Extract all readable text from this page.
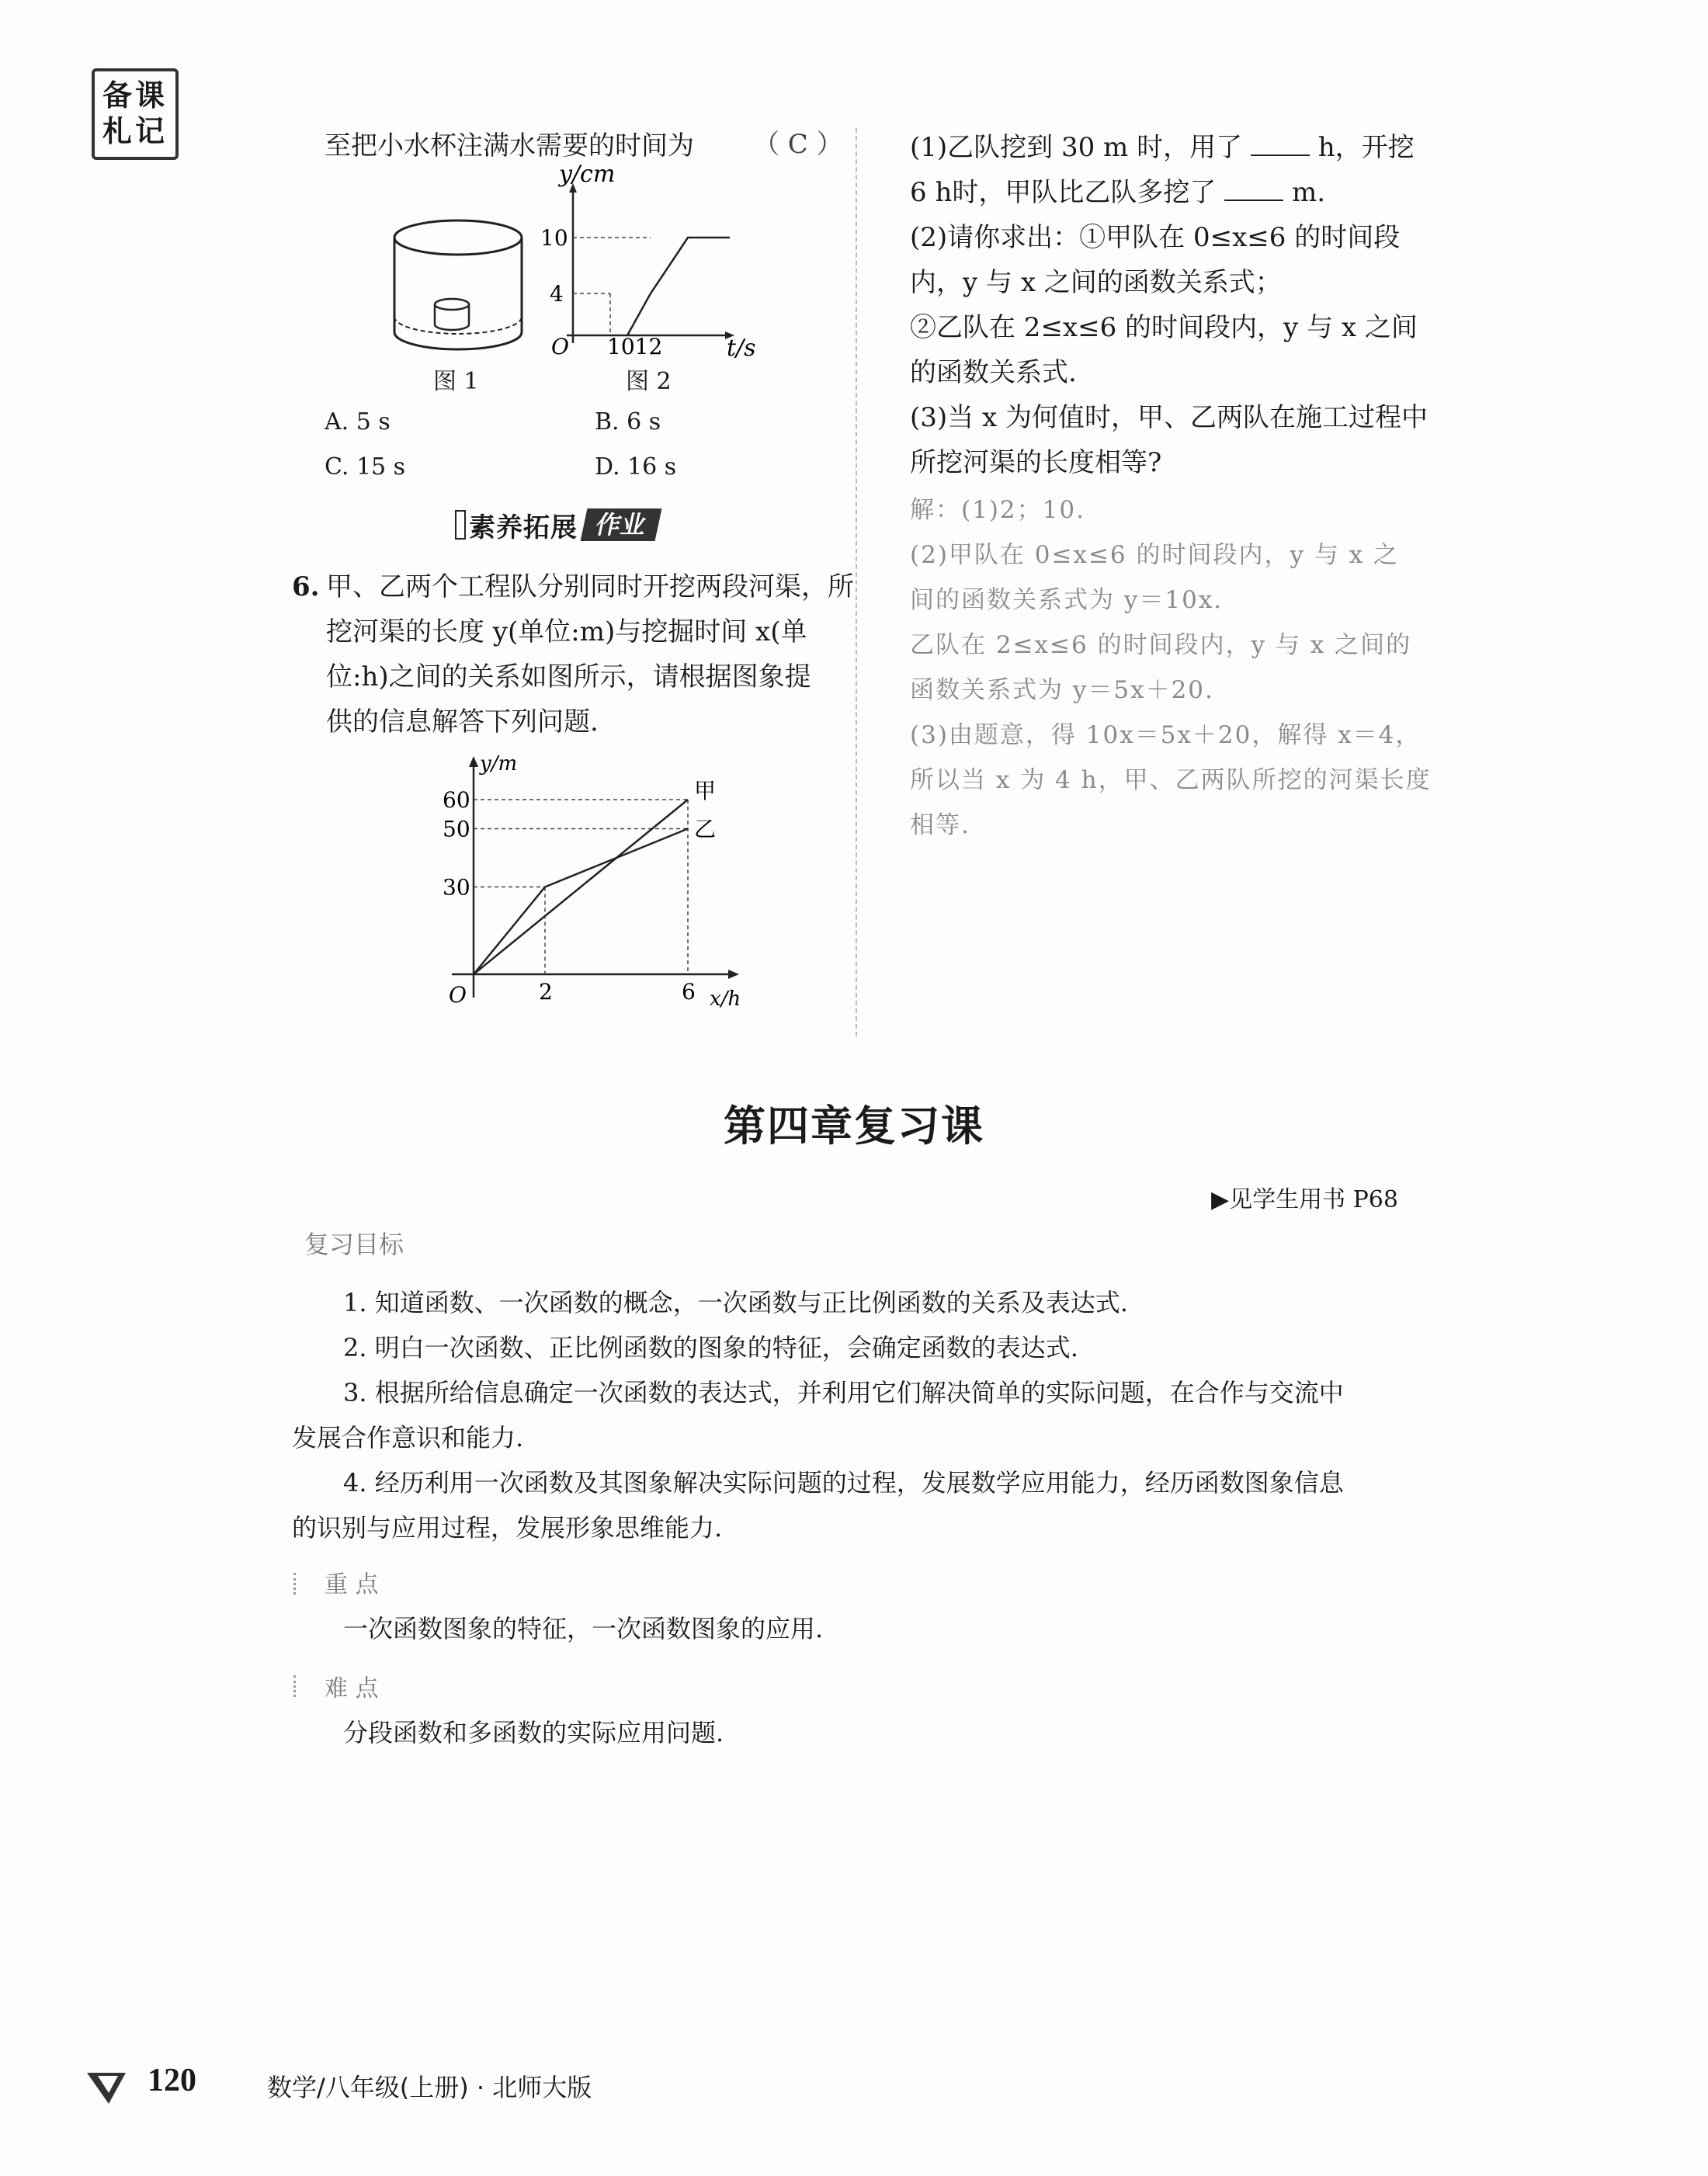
备课
札记	至把小水杯注满水需要的时间为 （ C ）
图 1
y/cm
10
4
O 1012	t/s
图 2
A. 5 s	B. 6 s
C. 15 s	D. 16 s
素养拓展 作业
6. 甲、乙两个工程队分别同时开挖两段河渠，所
挖河渠的长度 y(单位:m)与挖掘时间 x(单
位:h)之间的关系如图所示，请根据图象提
供的信息解答下列问题.
甲
乙
30
50
60
2	6
O
y/m
x/h
(1)乙队挖到 30 m 时，用了	h，开挖
6 h时，甲队比乙队多挖了	m.
(2)请你求出：①甲队在 0≤x≤6 的时间段
内，y 与 x 之间的函数关系式；
②乙队在 2≤x≤6 的时间段内，y 与 x 之间
的函数关系式.
(3)当 x 为何值时，甲、乙两队在施工过程中
所挖河渠的长度相等?
解：(1)2；10.
(2)甲队在 0≤x≤6 的时间段内，y 与 x 之
间的函数关系式为 y＝10x.
乙队在 2≤x≤6 的时间段内，y 与 x 之间的
函数关系式为 y＝5x＋20.
(3)由题意，得 10x＝5x＋20，解得 x＝4，
所以当 x 为 4 h，甲、乙两队所挖的河渠长度
相等.
第四章复习课
▶见学生用书 P68
复习目标
1. 知道函数、一次函数的概念，一次函数与正比例函数的关系及表达式.
2. 明白一次函数、正比例函数的图象的特征，会确定函数的表达式.
3. 根据所给信息确定一次函数的表达式，并利用它们解决简单的实际问题，在合作与交流中
发展合作意识和能力.
4. 经历利用一次函数及其图象解决实际问题的过程，发展数学应用能力，经历函数图象信息
的识别与应用过程，发展形象思维能力.
重 点
一次函数图象的特征，一次函数图象的应用.
难 点
分段函数和多函数的实际应用问题.
120	数学/八年级(上册) · 北师大版
